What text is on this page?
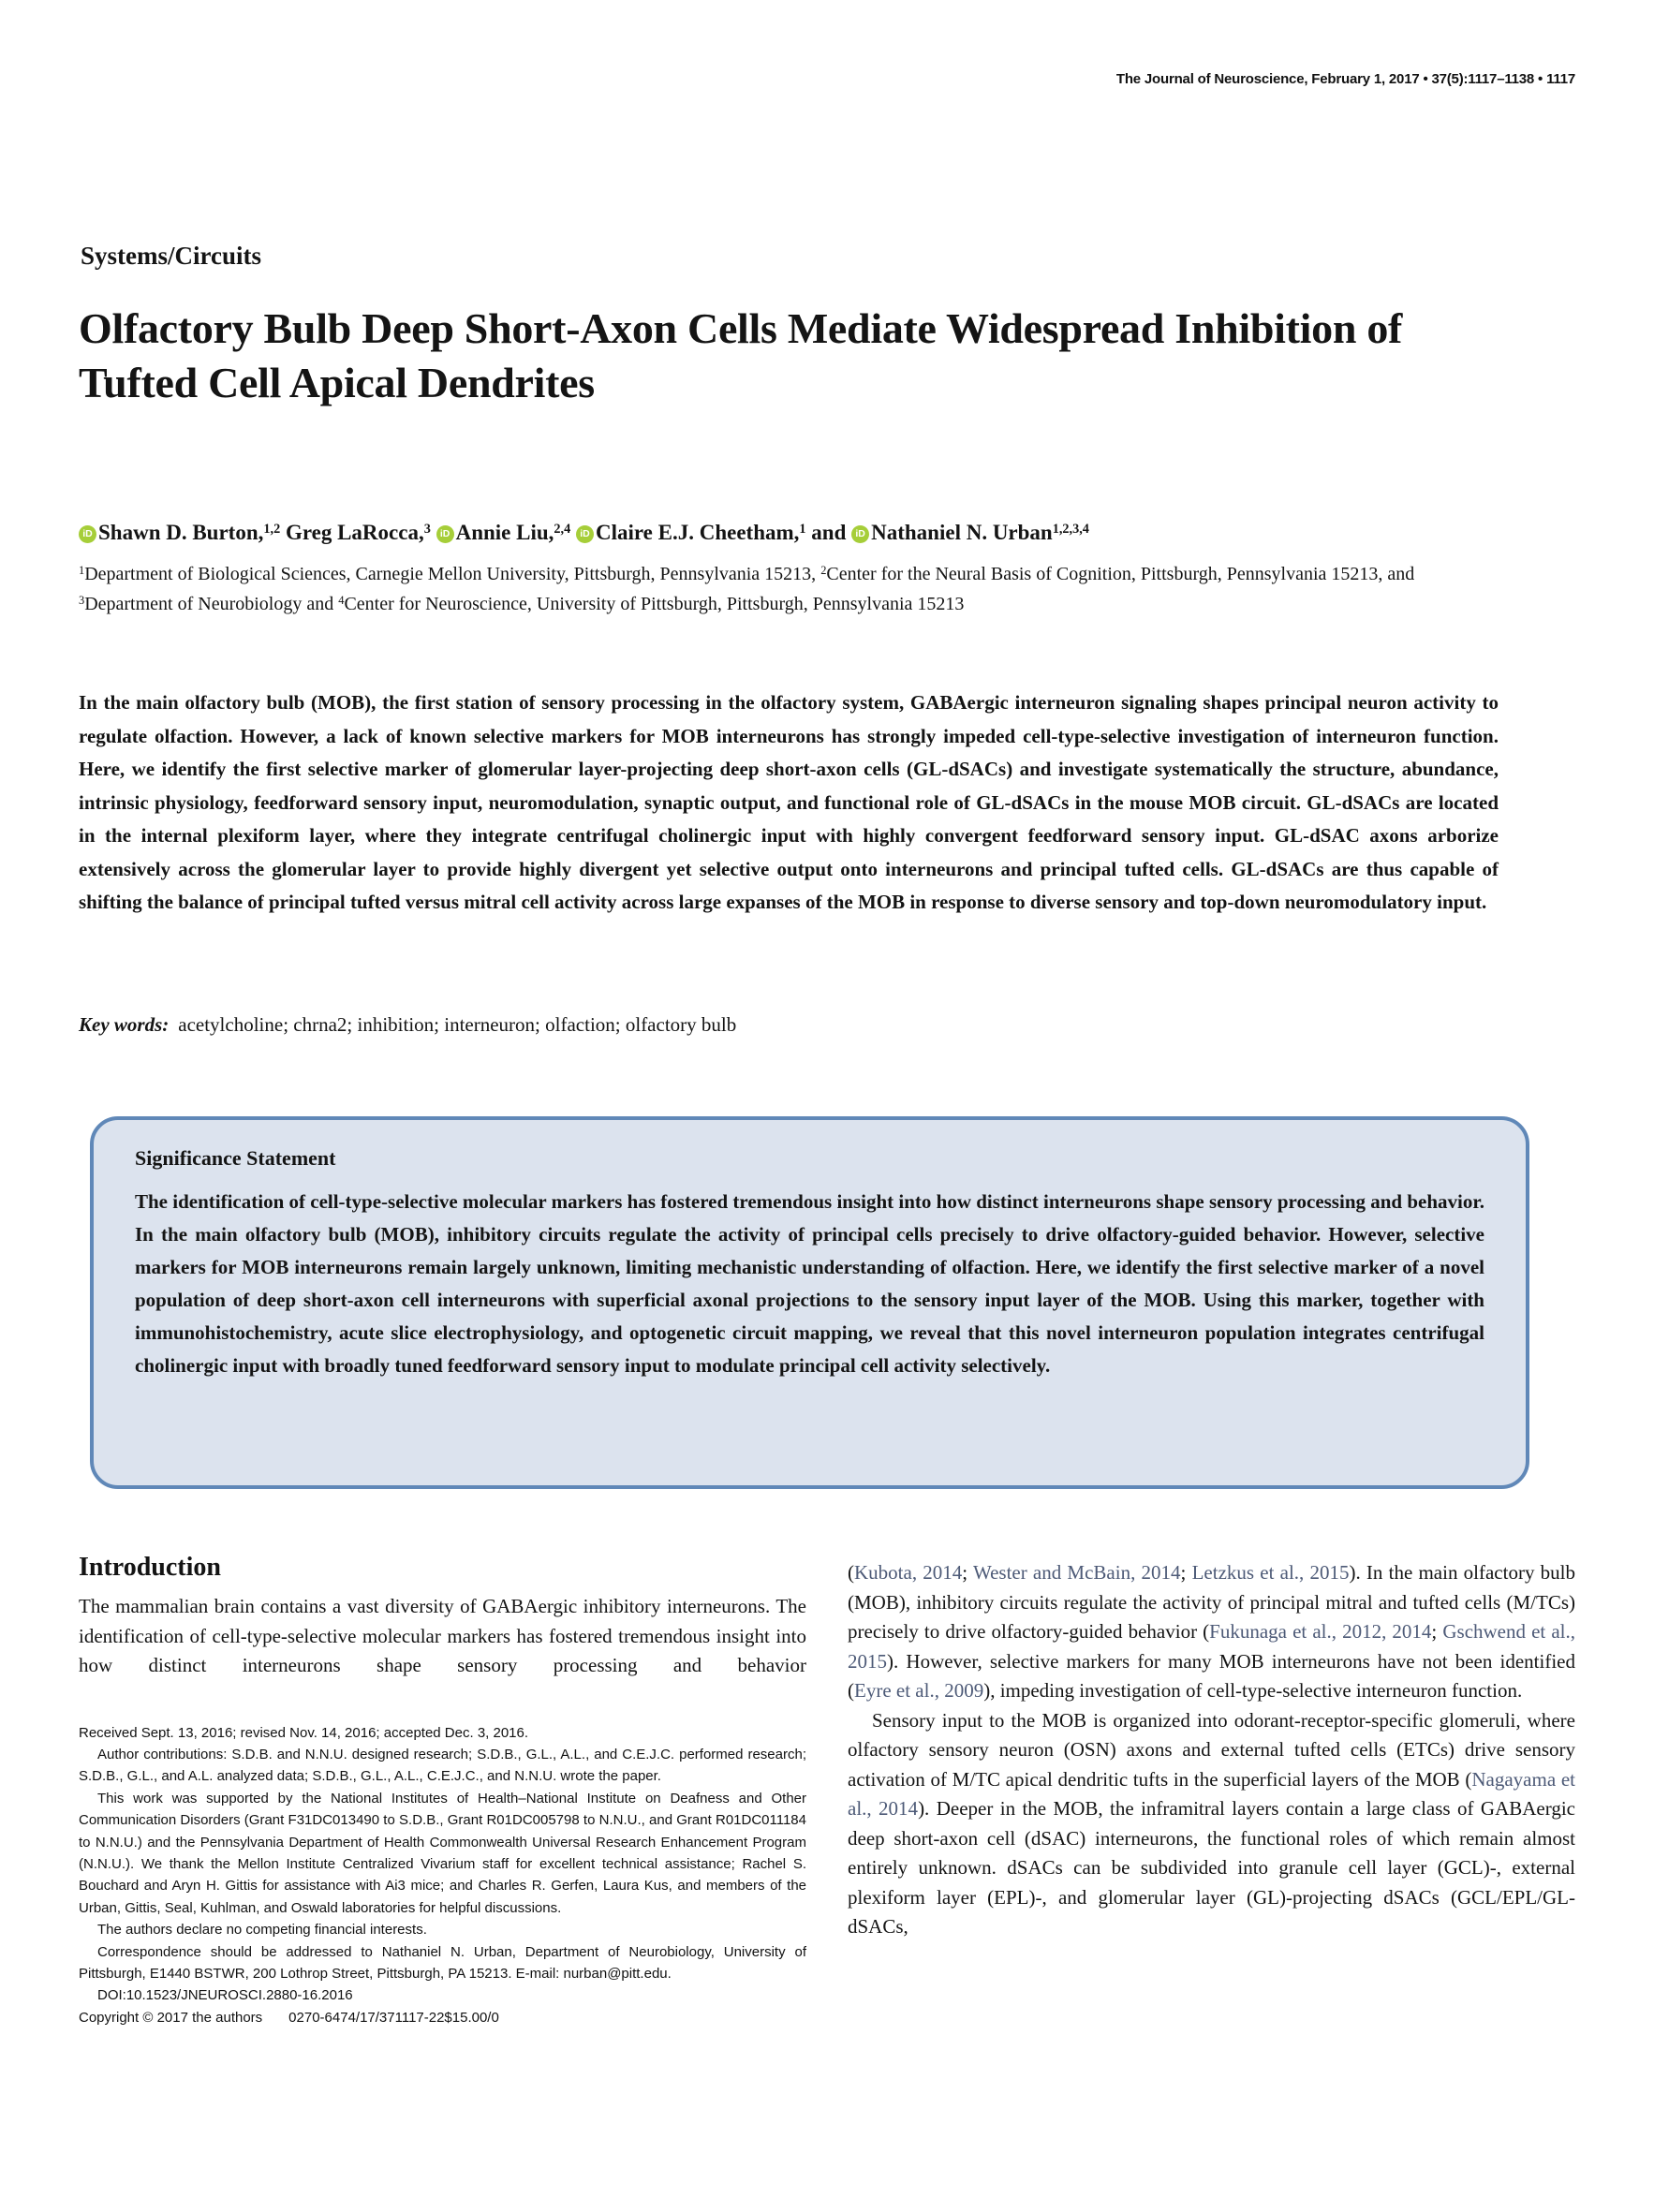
The Journal of Neuroscience, February 1, 2017 • 37(5):1117–1138 • 1117
Systems/Circuits
Olfactory Bulb Deep Short-Axon Cells Mediate Widespread Inhibition of Tufted Cell Apical Dendrites
iD Shawn D. Burton,$^{1,2}$ Greg LaRocca,$^3$ iD Annie Liu,$^{2,4}$ iD Claire E.J. Cheetham,$^1$ and iD Nathaniel N. Urban$^{1,2,3,4}$
$^1$Department of Biological Sciences, Carnegie Mellon University, Pittsburgh, Pennsylvania 15213, $^2$Center for the Neural Basis of Cognition, Pittsburgh, Pennsylvania 15213, and $^3$Department of Neurobiology and $^4$Center for Neuroscience, University of Pittsburgh, Pittsburgh, Pennsylvania 15213

In the main olfactory bulb (MOB), the first station of sensory processing in the olfactory system, GABAergic interneuron signaling shapes principal neuron activity to regulate olfaction. However, a lack of known selective markers for MOB interneurons has strongly impeded cell-type-selective investigation of interneuron function. Here, we identify the first selective marker of glomerular layer-projecting deep short-axon cells (GL-dSACs) and investigate systematically the structure, abundance, intrinsic physiology, feedforward sensory input, neuromodulation, synaptic output, and functional role of GL-dSACs in the mouse MOB circuit. GL-dSACs are located in the internal plexiform layer, where they integrate centrifugal cholinergic input with highly convergent feedforward sensory input. GL-dSAC axons arborize extensively across the glomerular layer to provide highly divergent yet selective output onto interneurons and principal tufted cells. GL-dSACs are thus capable of shifting the balance of principal tufted versus mitral cell activity across large expanses of the MOB in response to diverse sensory and top-down neuromodulatory input.

Key words: acetylcholine; chrna2; inhibition; interneuron; olfaction; olfactory bulb

Significance Statement

The identification of cell-type-selective molecular markers has fostered tremendous insight into how distinct interneurons shape sensory processing and behavior. In the main olfactory bulb (MOB), inhibitory circuits regulate the activity of principal cells precisely to drive olfactory-guided behavior. However, selective markers for MOB interneurons remain largely unknown, limiting mechanistic understanding of olfaction. Here, we identify the first selective marker of a novel population of deep short-axon cell interneurons with superficial axonal projections to the sensory input layer of the MOB. Using this marker, together with immunohistochemistry, acute slice electrophysiology, and optogenetic circuit mapping, we reveal that this novel interneuron population integrates centrifugal cholinergic input with broadly tuned feedforward sensory input to modulate principal cell activity selectively.

Introduction

The mammalian brain contains a vast diversity of GABAergic inhibitory interneurons. The identification of cell-type-selective molecular markers has fostered tremendous insight into how distinct interneurons shape sensory processing and behavior

Received Sept. 13, 2016; revised Nov. 14, 2016; accepted Dec. 3, 2016.

Author contributions: S.D.B. and N.N.U. designed research; S.D.B., G.L., A.L., and C.E.J.C. performed research; S.D.B., G.L., and A.L. analyzed data; S.D.B., G.L., A.L., C.E.J.C., and N.N.U. wrote the paper.

This work was supported by the National Institutes of Health–National Institute on Deafness and Other Communication Disorders (Grant F31DC013490 to S.D.B., Grant R01DC005798 to N.N.U., and Grant R01DC011184 to N.N.U.) and the Pennsylvania Department of Health Commonwealth Universal Research Enhancement Program (N.N.U.). We thank the Mellon Institute Centralized Vivarium staff for excellent technical assistance; Rachel S. Bouchard and Aryn H. Gittis for assistance with Ai3 mice; and Charles R. Gerfen, Laura Kus, and members of the Urban, Gittis, Seal, Kuhlman, and Oswald laboratories for helpful discussions.

The authors declare no competing financial interests.

Correspondence should be addressed to Nathaniel N. Urban, Department of Neurobiology, University of Pittsburgh, E1440 BSTWR, 200 Lothrop Street, Pittsburgh, PA 15213. E-mail: nurban@pitt.edu.

DOI:10.1523/JNEUROSCI.2880-16.2016

Copyright © 2017 the authors 0270-6474/17/371117-22$15.00/0

(Kubota, 2014; Wester and McBain, 2014; Letzkus et al., 2015). In the main olfactory bulb (MOB), inhibitory circuits regulate the activity of principal mitral and tufted cells (M/TCs) precisely to drive olfactory-guided behavior (Fukunaga et al., 2012, 2014; Gschwend et al., 2015). However, selective markers for many MOB interneurons have not been identified (Eyre et al., 2009), impeding investigation of cell-type-selective interneuron function.

Sensory input to the MOB is organized into odorant-receptor-specific glomeruli, where olfactory sensory neuron (OSN) axons and external tufted cells (ETCs) drive sensory activation of M/TC apical dendritic tufts in the superficial layers of the MOB (Nagayama et al., 2014). Deeper in the MOB, the inframitral layers contain a large class of GABAergic deep short-axon cell (dSAC) interneurons, the functional roles of which remain almost entirely unknown. dSACs can be subdivided into granule cell layer (GCL)-, external plexiform layer (EPL)-, and glomerular layer (GL)-projecting dSACs (GCL/EPL/GL-dSACs,
